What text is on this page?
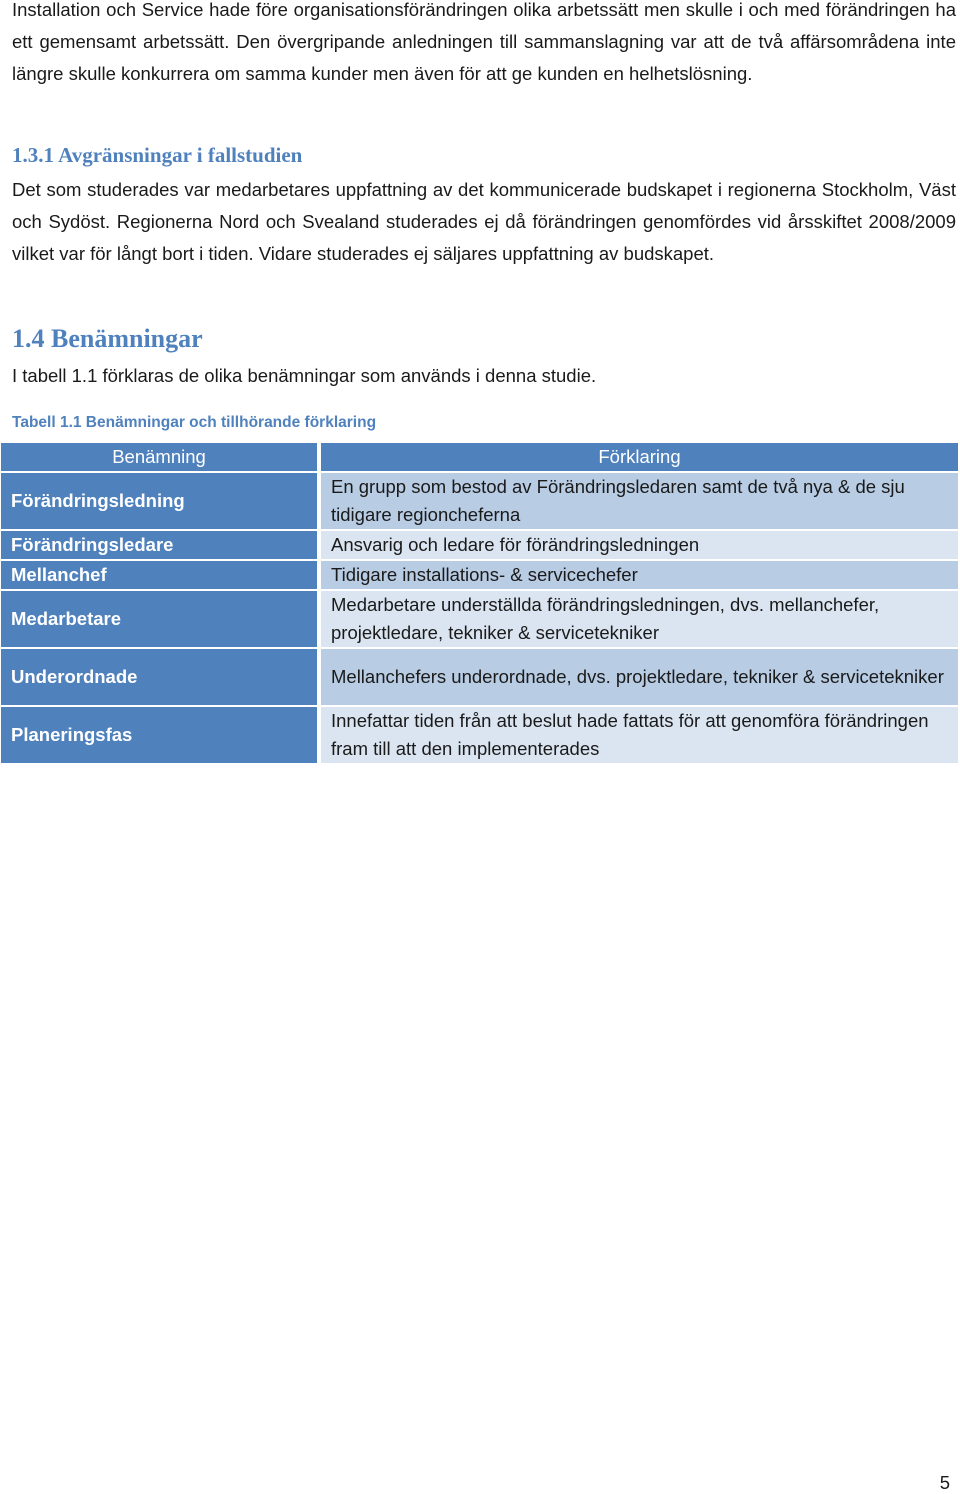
Installation och Service hade före organisationsförändringen olika arbetssätt men skulle i och med förändringen ha ett gemensamt arbetssätt. Den övergripande anledningen till sammanslagning var att de två affärsområdena inte längre skulle konkurrera om samma kunder men även för att ge kunden en helhetslösning.

1.3.1 Avgränsningar i fallstudien

Det som studerades var medarbetares uppfattning av det kommunicerade budskapet i regionerna Stockholm, Väst och Sydöst. Regionerna Nord och Svealand studerades ej då förändringen genomfördes vid årsskiftet 2008/2009 vilket var för långt bort i tiden. Vidare studerades ej säljares uppfattning av budskapet.

1.4 Benämningar

I tabell 1.1 förklaras de olika benämningar som används i denna studie.

Tabell 1.1 Benämningar och tillhörande förklaring

Benämning	Förklaring
Förändringsledning	En grupp som bestod av Förändringsledaren samt de två nya & de sju tidigare regioncheferna
Förändringsledare	Ansvarig och ledare för förändringsledningen
Mellanchef	Tidigare installations- & servicechefer
Medarbetare	Medarbetare underställda förändringsledningen, dvs. mellanchefer, projektledare, tekniker & servicetekniker
Underordnade	Mellanchefers underordnade, dvs. projektledare, tekniker & servicetekniker
Planeringsfas	Innefattar tiden från att beslut hade fattats för att genomföra förändringen fram till att den implementerades
5
